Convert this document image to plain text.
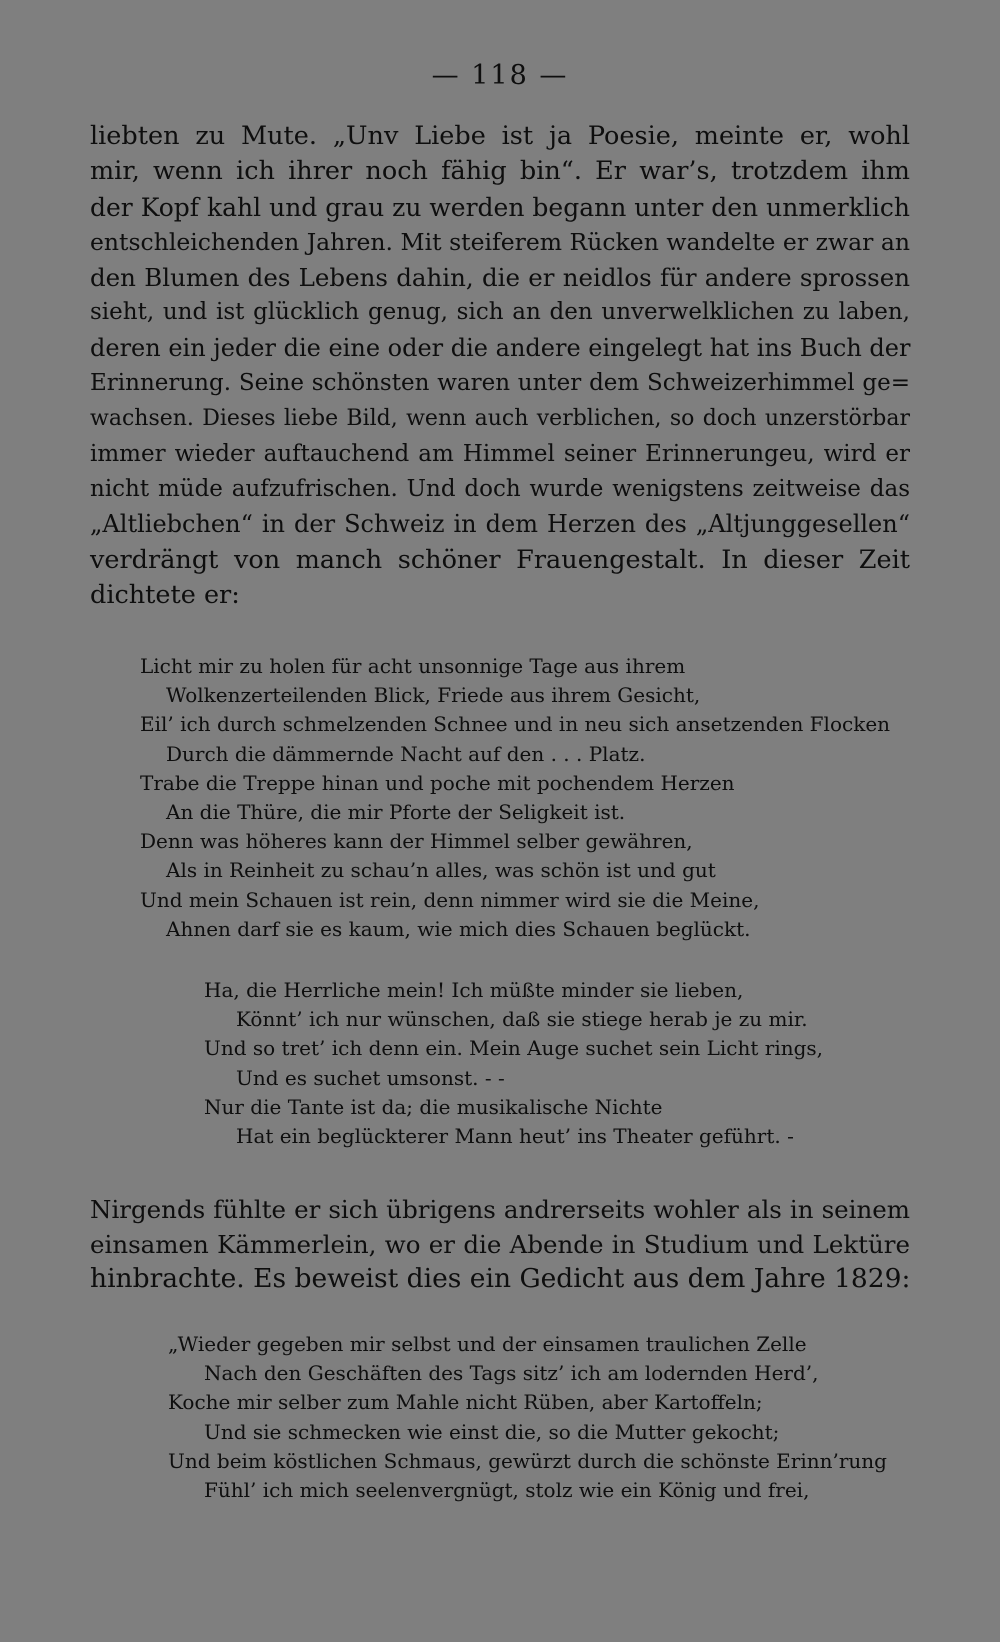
— 118 —
liebten zu Mute. „Unv Liebe ist ja Poesie, meinte er, wohl
mir, wenn ich ihrer noch fähig bin“. Er war’s, trotzdem ihm
der Kopf kahl und grau zu werden begann unter den unmerklich
entschleichenden Jahren. Mit steiferem Rücken wandelte er zwar an
den Blumen des Lebens dahin, die er neidlos für andere sprossen
sieht, und ist glücklich genug, sich an den unverwelklichen zu laben,
deren ein jeder die eine oder die andere eingelegt hat ins Buch der
Erinnerung. Seine schönsten waren unter dem Schweizerhimmel ge=
wachsen. Dieses liebe Bild, wenn auch verblichen, so doch unzerstörbar
immer wieder auftauchend am Himmel seiner Erinnerungeu, wird er
nicht müde aufzufrischen. Und doch wurde wenigstens zeitweise das
„Altliebchen“ in der Schweiz in dem Herzen des „Altjunggesellen“
verdrängt von manch schöner Frauengestalt. In dieser Zeit
dichtete er:
Licht mir zu holen für acht unsonnige Tage aus ihrem
Wolkenzerteilenden Blick, Friede aus ihrem Gesicht,
Eil’ ich durch schmelzenden Schnee und in neu sich ansetzenden Flocken
Durch die dämmernde Nacht auf den . . . Platz.
Trabe die Treppe hinan und poche mit pochendem Herzen
An die Thüre, die mir Pforte der Seligkeit ist.
Denn was höheres kann der Himmel selber gewähren,
Als in Reinheit zu schau’n alles, was schön ist und gut
Und mein Schauen ist rein, denn nimmer wird sie die Meine,
Ahnen darf sie es kaum, wie mich dies Schauen beglückt.
Ha, die Herrliche mein! Ich müßte minder sie lieben,
Könnt’ ich nur wünschen, daß sie stiege herab je zu mir.
Und so tret’ ich denn ein. Mein Auge suchet sein Licht rings,
Und es suchet umsonst. - -
Nur die Tante ist da; die musikalische Nichte
Hat ein beglückterer Mann heut’ ins Theater geführt. -
Nirgends fühlte er sich übrigens andrerseits wohler als in seinem
einsamen Kämmerlein, wo er die Abende in Studium und Lektüre
hinbrachte. Es beweist dies ein Gedicht aus dem Jahre 1829:
„Wieder gegeben mir selbst und der einsamen traulichen Zelle
Nach den Geschäften des Tags sitz’ ich am lodernden Herd’,
Koche mir selber zum Mahle nicht Rüben, aber Kartoffeln;
Und sie schmecken wie einst die, so die Mutter gekocht;
Und beim köstlichen Schmaus, gewürzt durch die schönste Erinn’rung
Fühl’ ich mich seelenvergnügt, stolz wie ein König und frei,
